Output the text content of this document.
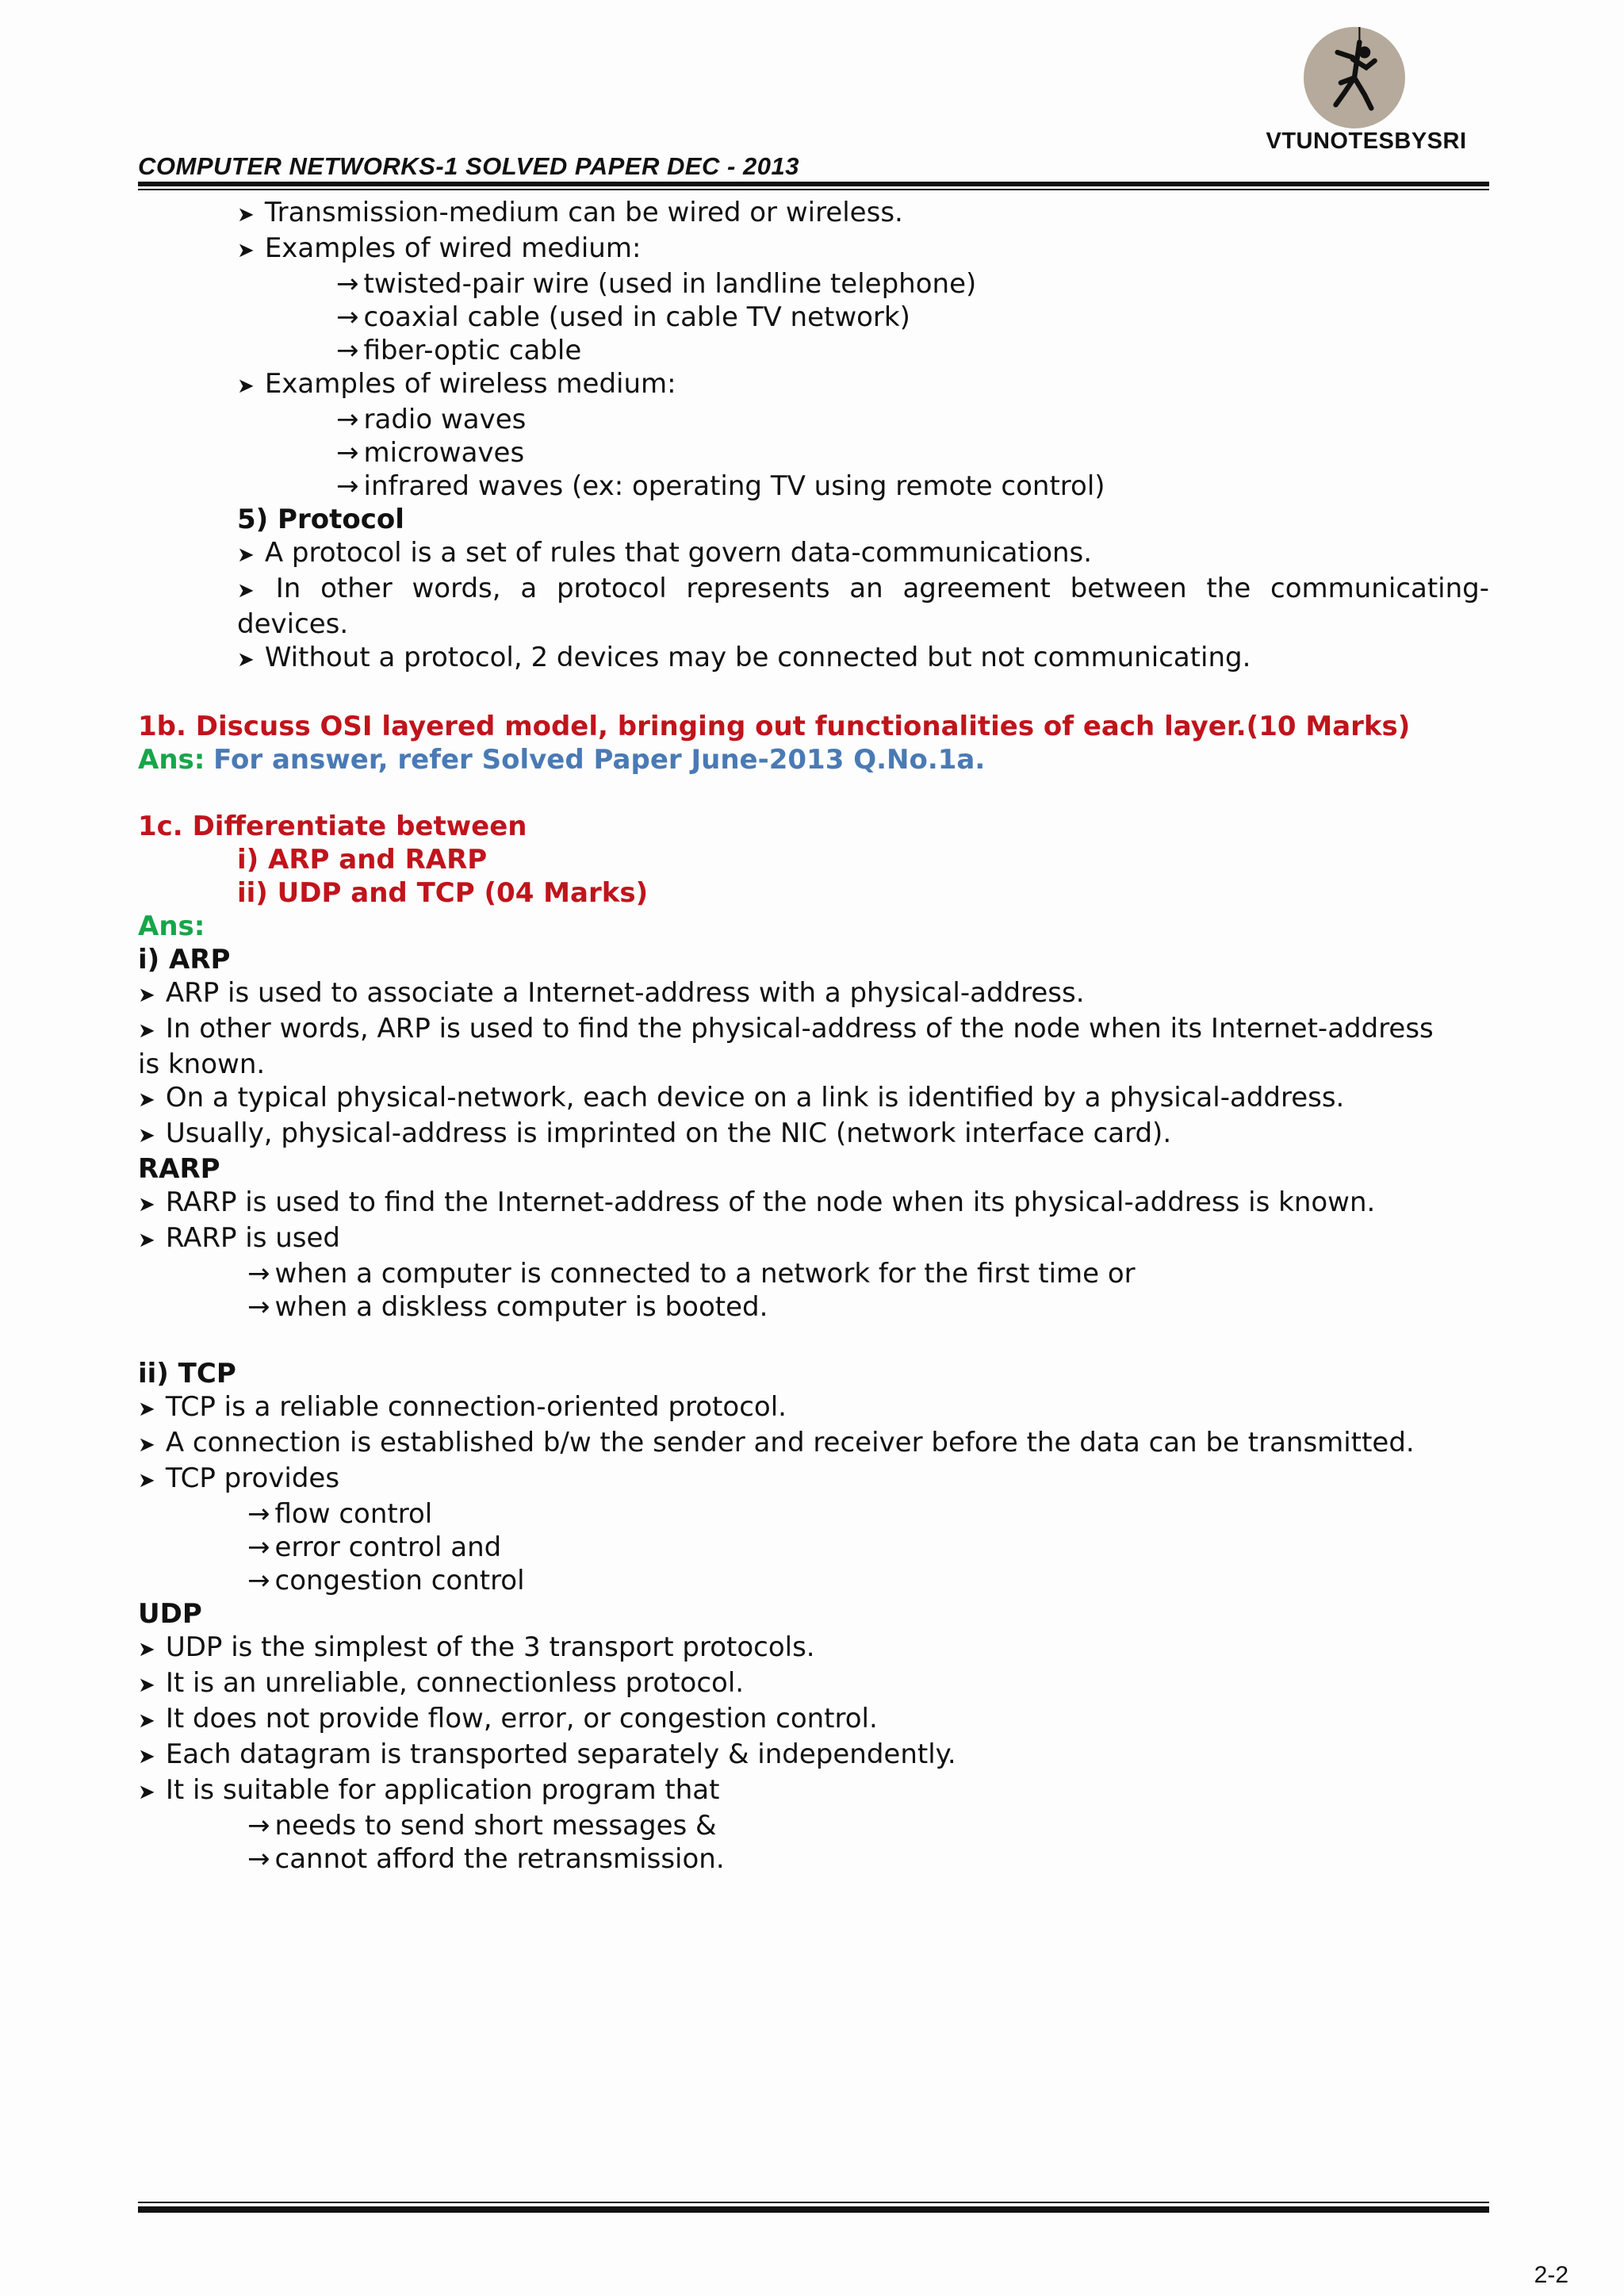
COMPUTER NETWORKS-1 SOLVED PAPER DEC - 2013
VTUNOTESBYSRI
➤ Transmission-medium can be wired or wireless.
➤ Examples of wired medium:
→ twisted-pair wire (used in landline telephone)
→ coaxial cable (used in cable TV network)
→ fiber-optic cable
➤ Examples of wireless medium:
→ radio waves
→ microwaves
→ infrared waves (ex: operating TV using remote control)
5) Protocol
➤ A protocol is a set of rules that govern data-communications.
➤ In other words, a protocol represents an agreement between the communicating-
devices.
➤ Without a protocol, 2 devices may be connected but not communicating.
1b. Discuss OSI layered model, bringing out functionalities of each layer.(10 Marks)
Ans: For answer, refer Solved Paper June-2013 Q.No.1a.
1c. Differentiate between
i) ARP and RARP
ii) UDP and TCP (04 Marks)
Ans:
i) ARP
➤ ARP is used to associate a Internet-address with a physical-address.
➤ In other words, ARP is used to find the physical-address of the node when its Internet-address
is known.
➤ On a typical physical-network, each device on a link is identified by a physical-address.
➤ Usually, physical-address is imprinted on the NIC (network interface card).
RARP
➤ RARP is used to find the Internet-address of the node when its physical-address is known.
➤ RARP is used
→ when a computer is connected to a network for the first time or
→ when a diskless computer is booted.
ii) TCP
➤ TCP is a reliable connection-oriented protocol.
➤ A connection is established b/w the sender and receiver before the data can be transmitted.
➤ TCP provides
→ flow control
→ error control and
→ congestion control
UDP
➤ UDP is the simplest of the 3 transport protocols.
➤ It is an unreliable, connectionless protocol.
➤ It does not provide flow, error, or congestion control.
➤ Each datagram is transported separately & independently.
➤ It is suitable for application program that
→ needs to send short messages &
→ cannot afford the retransmission.
2-2
